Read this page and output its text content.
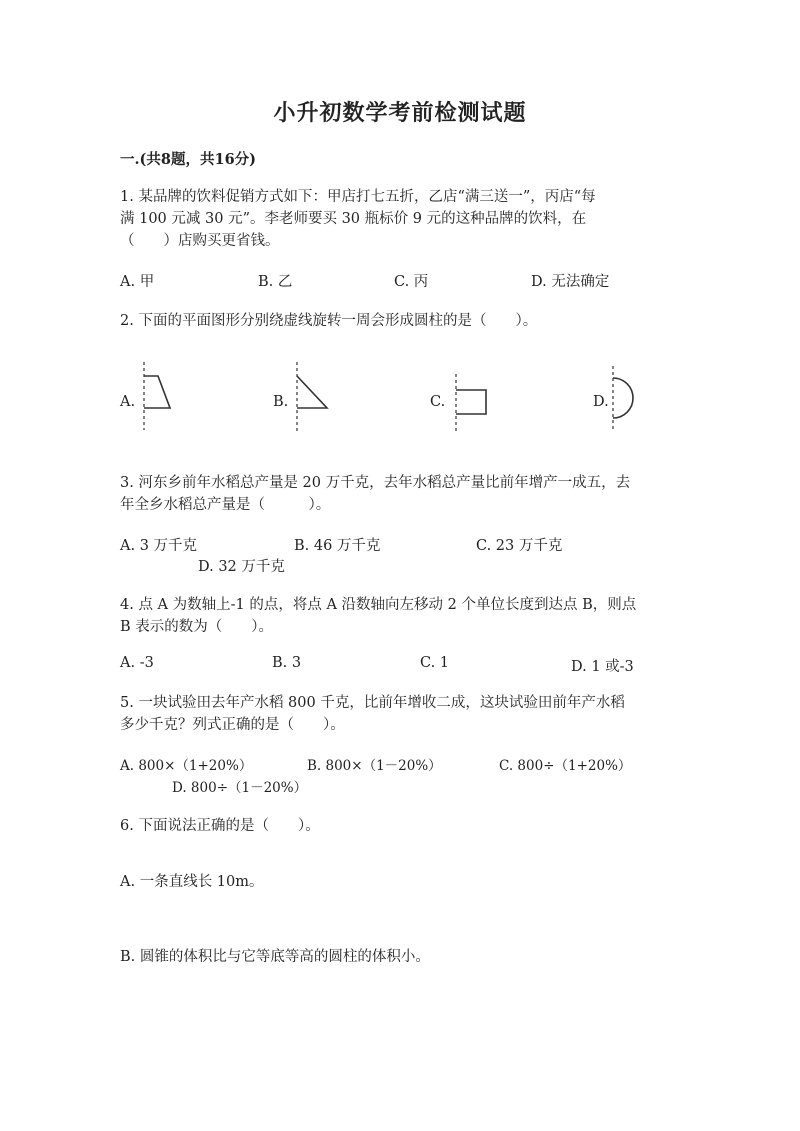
小升初数学考前检测试题
一.(共8题，共16分)
1. 某品牌的饮料促销方式如下：甲店打七五折，乙店“满三送一”，丙店“每
满 100 元减 30 元”。李老师要买 30 瓶标价 9 元的这种品牌的饮料，在
（　　）店购买更省钱。
A. 甲	B. 乙	C. 丙	D. 无法确定
2. 下面的平面图形分别绕虚线旋转一周会形成圆柱的是（　　）。
A.	B.	C.	D.
3. 河东乡前年水稻总产量是 20 万千克，去年水稻总产量比前年增产一成五，去
年全乡水稻总产量是（　　　）。
A. 3 万千克	B. 46 万千克	C. 23 万千克
D. 32 万千克
4. 点 A 为数轴上-1 的点，将点 A 沿数轴向左移动 2 个单位长度到达点 B，则点
B 表示的数为（　　）。
A. -3	B. 3	C. 1	D. 1 或-3
5. 一块试验田去年产水稻 800 千克，比前年增收二成，这块试验田前年产水稻
多少千克？列式正确的是（　　）。
A. 800×（1+20%）	B. 800×（1－20%）	C. 800÷（1+20%）
D. 800÷（1－20%）
6. 下面说法正确的是（　　）。
A. 一条直线长 10m。
B. 圆锥的体积比与它等底等高的圆柱的体积小。
